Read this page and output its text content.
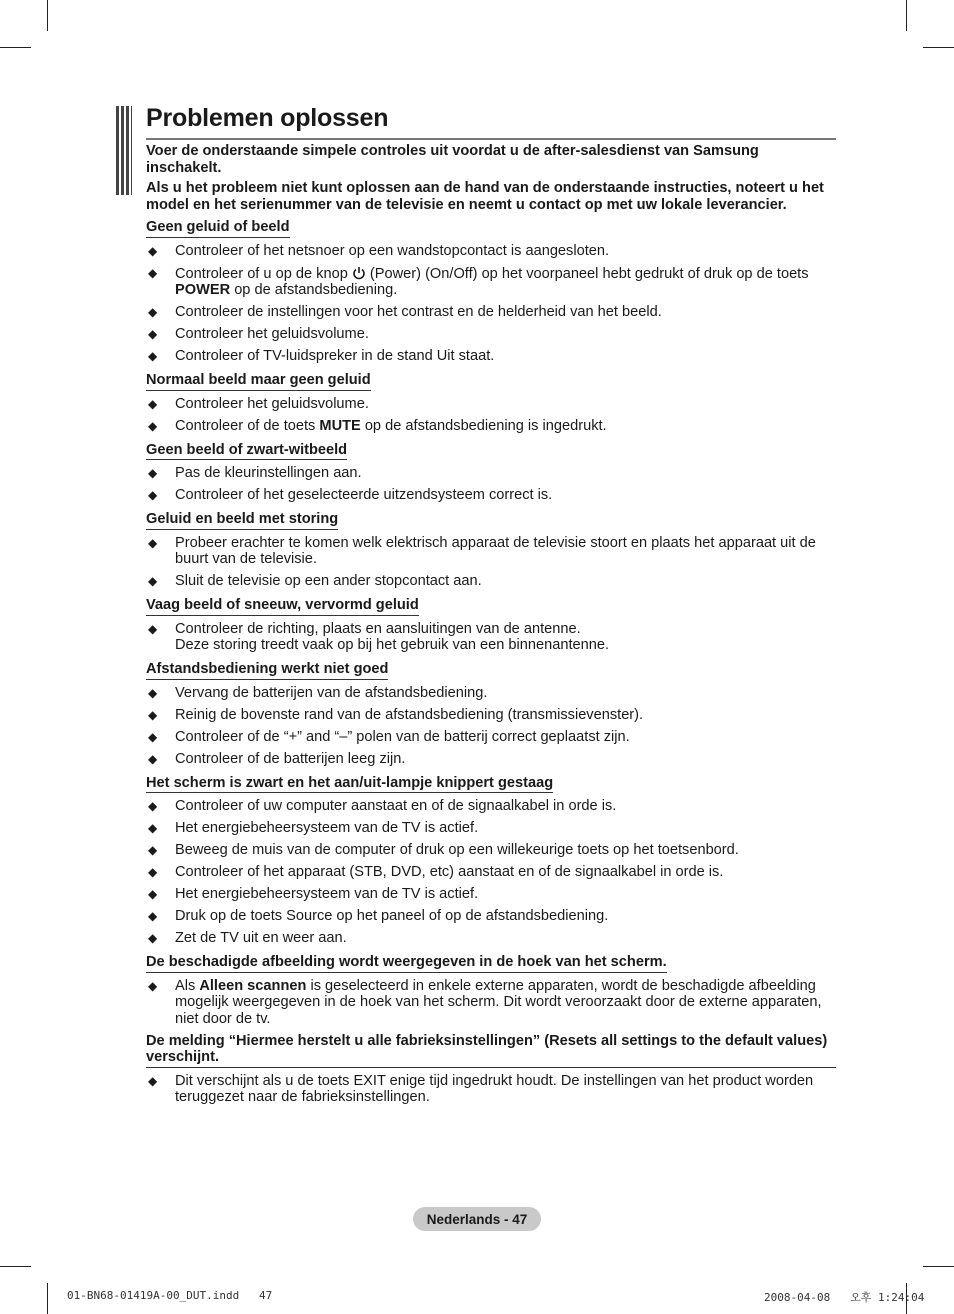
Problemen oplossen

Voer de onderstaande simpele controles uit voordat u de after-salesdienst van Samsung inschakelt.

Als u het probleem niet kunt oplossen aan de hand van de onderstaande instructies, noteert u het model en het serienummer van de televisie en neemt u contact op met uw lokale leverancier.

Geen geluid of beeld
◆ Controleer of het netsnoer op een wandstopcontact is aangesloten.
◆ Controleer of u op de knop  (Power) (On/Off) op het voorpaneel hebt gedrukt of druk op de toets POWER op de afstandsbediening.
◆ Controleer de instellingen voor het contrast en de helderheid van het beeld.
◆ Controleer het geluidsvolume.
◆ Controleer of TV-luidspreker in de stand Uit staat.
Normaal beeld maar geen geluid
◆ Controleer het geluidsvolume.
◆ Controleer of de toets MUTE op de afstandsbediening is ingedrukt.
Geen beeld of zwart-witbeeld
◆ Pas de kleurinstellingen aan.
◆ Controleer of het geselecteerde uitzendsysteem correct is.
Geluid en beeld met storing
◆ Probeer erachter te komen welk elektrisch apparaat de televisie stoort en plaats het apparaat uit de buurt van de televisie.
◆ Sluit de televisie op een ander stopcontact aan.
Vaag beeld of sneeuw, vervormd geluid
◆ Controleer de richting, plaats en aansluitingen van de antenne.
Deze storing treedt vaak op bij het gebruik van een binnenantenne.
Afstandsbediening werkt niet goed
◆ Vervang de batterijen van de afstandsbediening.
◆ Reinig de bovenste rand van de afstandsbediening (transmissievenster).
◆ Controleer of de “+” and “–” polen van de batterij correct geplaatst zijn.
◆ Controleer of de batterijen leeg zijn.
Het scherm is zwart en het aan/uit-lampje knippert gestaag
◆ Controleer of uw computer aanstaat en of de signaalkabel in orde is.
◆ Het energiebeheersysteem van de TV is actief.
◆ Beweeg de muis van de computer of druk op een willekeurige toets op het toetsenbord.
◆ Controleer of het apparaat (STB, DVD, etc) aanstaat en of de signaalkabel in orde is.
◆ Het energiebeheersysteem van de TV is actief.
◆ Druk op de toets Source op het paneel of op de afstandsbediening.
◆ Zet de TV uit en weer aan.
De beschadigde afbeelding wordt weergegeven in de hoek van het scherm.
◆ Als Alleen scannen is geselecteerd in enkele externe apparaten, wordt de beschadigde afbeelding mogelijk weergegeven in de hoek van het scherm. Dit wordt veroorzaakt door de externe apparaten, niet door de tv.
De melding “Hiermee herstelt u alle fabrieksinstellingen” (Resets all settings to the default values) verschijnt.
◆ Dit verschijnt als u de toets EXIT enige tijd ingedrukt houdt. De instellingen van het product worden teruggezet naar de fabrieksinstellingen.
Nederlands - 47
01-BN68-01419A-00_DUT.indd   47	2008-04-08   오후 1:24:04
